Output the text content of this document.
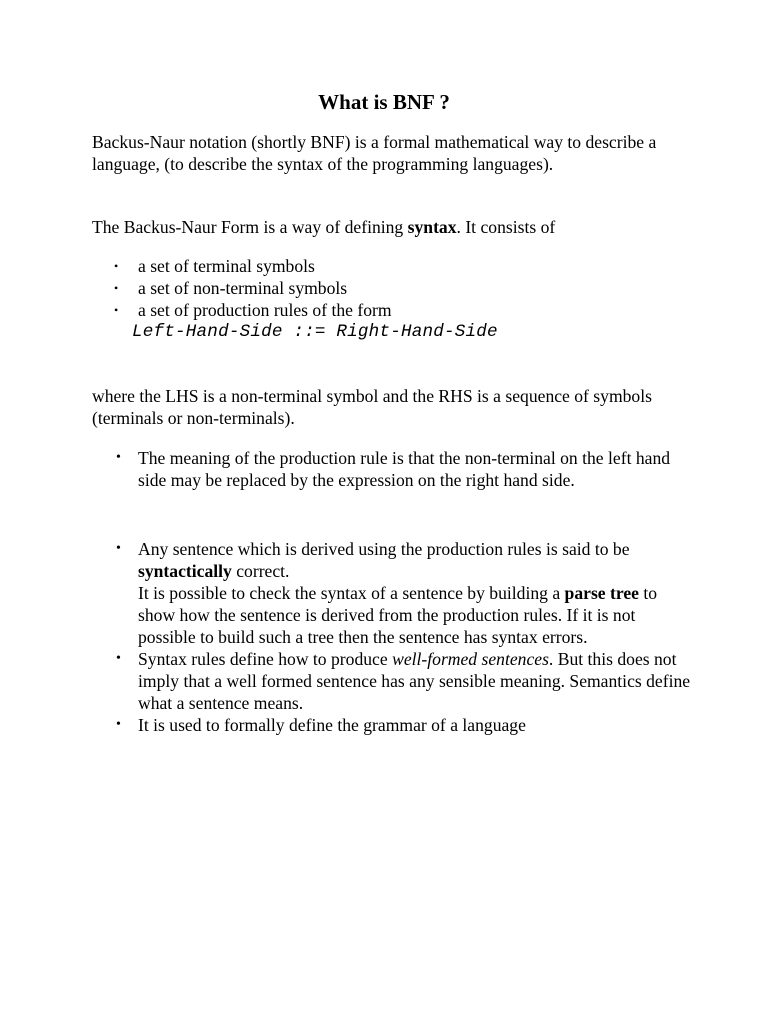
What is BNF ?

Backus-Naur notation (shortly BNF) is a formal mathematical way to describe a language, (to describe the syntax of the programming languages).

The Backus-Naur Form is a way of defining syntax. It consists of

• a set of terminal symbols
• a set of non-terminal symbols
• a set of production rules of the form
Left-Hand-Side ::= Right-Hand-Side

where the LHS is a non-terminal symbol and the RHS is a sequence of symbols (terminals or non-terminals).

• The meaning of the production rule is that the non-terminal on the left hand side may be replaced by the expression on the right hand side.
• Any sentence which is derived using the production rules is said to be syntactically correct.
It is possible to check the syntax of a sentence by building a parse tree to show how the sentence is derived from the production rules. If it is not possible to build such a tree then the sentence has syntax errors.
• Syntax rules define how to produce well-formed sentences. But this does not imply that a well formed sentence has any sensible meaning. Semantics define what a sentence means.
• It is used to formally define the grammar of a language
